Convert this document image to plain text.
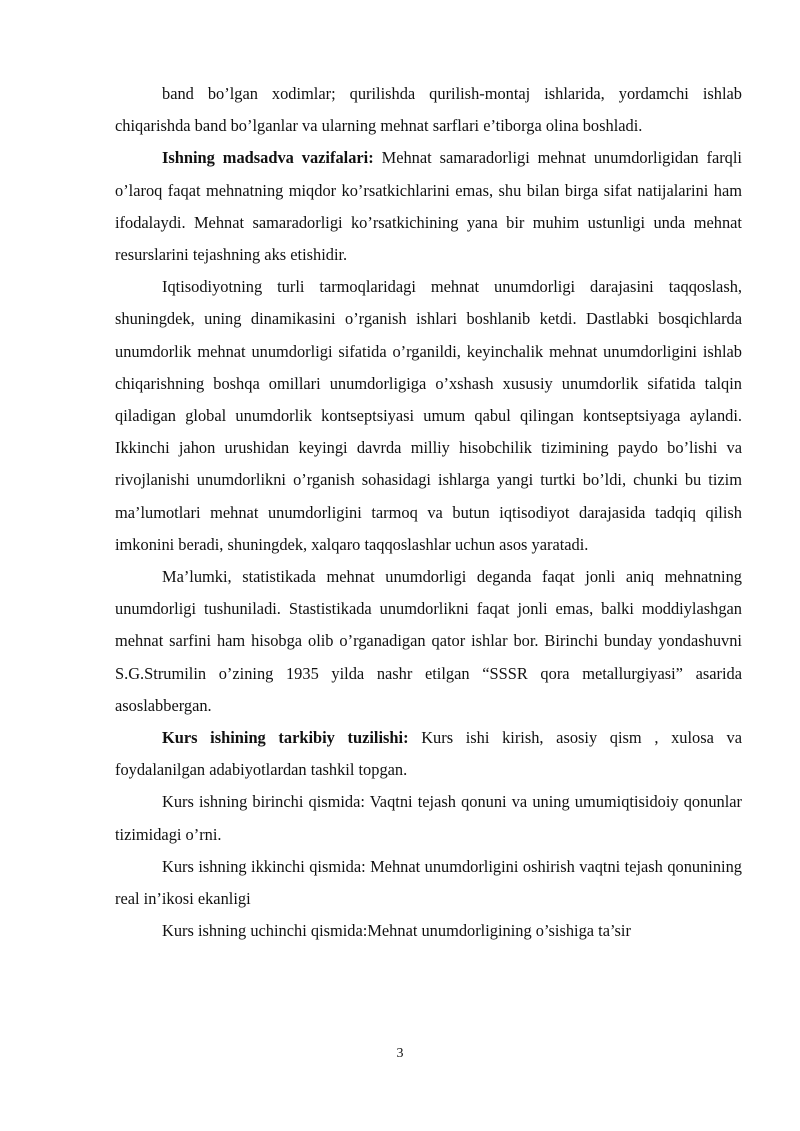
band bo’lgan xodimlar; qurilishda qurilish-montaj ishlarida, yordamchi ishlab chiqarishda band bo’lganlar va ularning mehnat sarflari e’tiborga olina boshladi.

Ishning madsadva vazifalari: Mehnat samaradorligi mehnat unumdorligidan farqli o’laroq faqat mehnatning miqdor ko’rsatkichlarini emas, shu bilan birga sifat natijalarini ham ifodalaydi. Mehnat samaradorligi ko’rsatkichining yana bir muhim ustunligi unda mehnat resurslarini tejashning aks etishidir.

Iqtisodiyotning turli tarmoqlaridagi mehnat unumdorligi darajasini taqqoslash, shuningdek, uning dinamikasini o’rganish ishlari boshlanib ketdi. Dastlabki bosqichlarda unumdorlik mehnat unumdorligi sifatida o’rganildi, keyinchalik mehnat unumdorligini ishlab chiqarishning boshqa omillari unumdorligiga o’xshash xususiy unumdorlik sifatida talqin qiladigan global unumdorlik kontseptsiyasi umum qabul qilingan kontseptsiyaga aylandi. Ikkinchi jahon urushidan keyingi davrda milliy hisobchilik tizimining paydo bo’lishi va rivojlanishi unumdorlikni o’rganish sohasidagi ishlarga yangi turtki bo’ldi, chunki bu tizim ma’lumotlari mehnat unumdorligini tarmoq va butun iqtisodiyot darajasida tadqiq qilish imkonini beradi, shuningdek, xalqaro taqqoslashlar uchun asos yaratadi.

Ma’lumki, statistikada mehnat unumdorligi deganda faqat jonli aniq mehnatning unumdorligi tushuniladi. Stastistikada unumdorlikni faqat jonli emas, balki moddiylashgan mehnat sarfini ham hisobga olib o’rganadigan qator ishlar bor. Birinchi bunday yondashuvni S.G.Strumilin o’zining 1935 yilda nashr etilgan “SSSR qora metallurgiyasi” asarida asoslabbergan.

Kurs ishining tarkibiy tuzilishi: Kurs ishi kirish, asosiy qism , xulosa va foydalanilgan adabiyotlardan tashkil topgan.

Kurs ishning birinchi qismida: Vaqtni tejash qonuni va uning umumiqtisidoiy qonunlar tizimidagi o’rni.

Kurs ishning ikkinchi qismida: Mehnat unumdorligini oshirish vaqtni tejash qonunining real in’ikosi ekanligi

Kurs ishning uchinchi qismida:Mehnat unumdorligining o’sishiga ta’sir

3
